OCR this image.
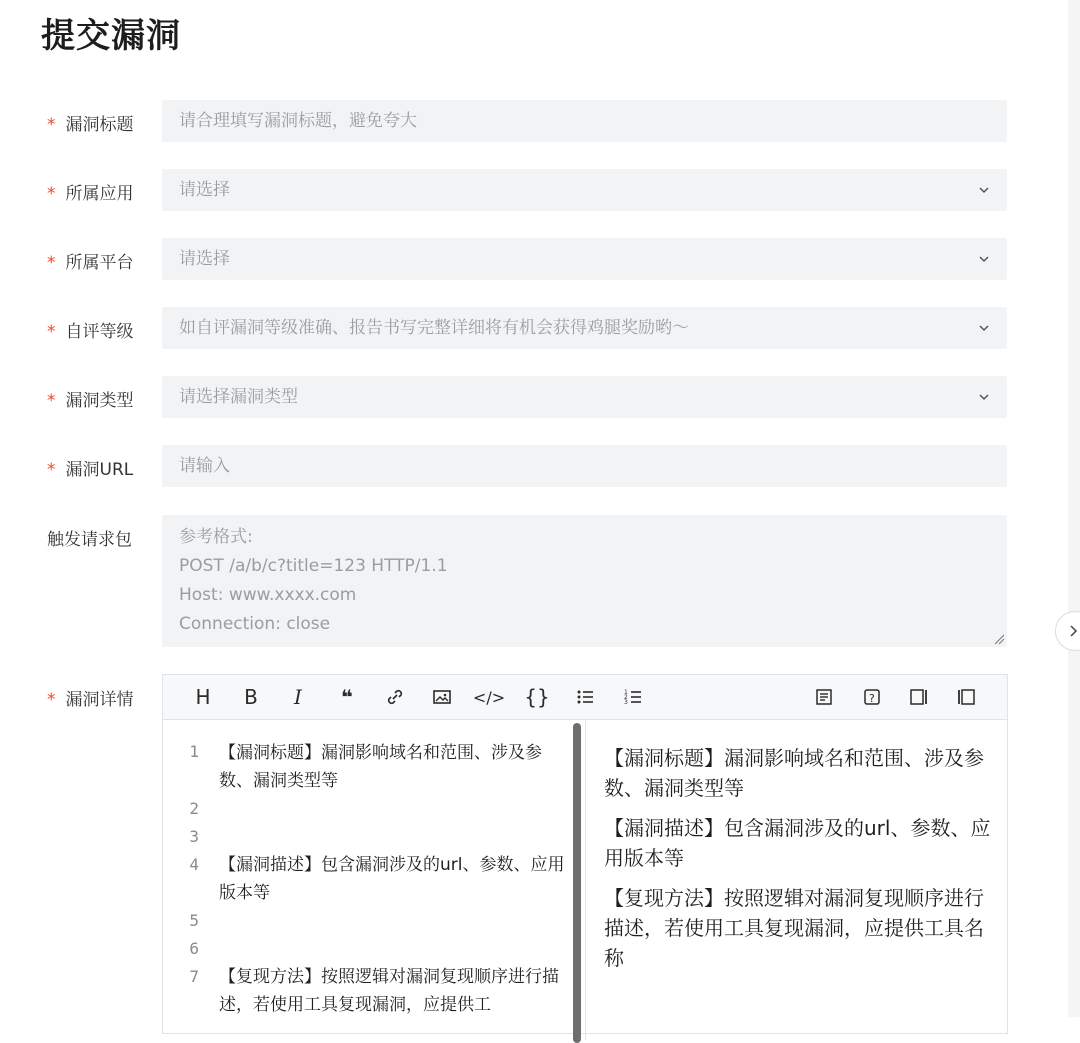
提交漏洞
* 漏洞标题	请合理填写漏洞标题，避免夸大
* 所属应用	请选择
* 所属平台	请选择
* 自评等级	如自评漏洞等级准确、报告书写完整详细将有机会获得鸡腿奖励哟～
* 漏洞类型	请选择漏洞类型
* 漏洞URL	请输入
触发请求包	参考格式:
POST /a/b/c?title=123 HTTP/1.1
Host: www.xxxx.com
Connection: close
* 漏洞详情	H B I ❝	</> {}	1
2
3	?
1
2
3
4
5
6
7
【漏洞标题】漏洞影响域名和范围、涉及参数、漏洞类型等
【漏洞描述】包含漏洞涉及的url、参数、应用版本等
【复现方法】按照逻辑对漏洞复现顺序进行描述，若使用工具复现漏洞，应提供工

【漏洞标题】漏洞影响域名和范围、涉及参数、漏洞类型等

【漏洞描述】包含漏洞涉及的url、参数、应用版本等

【复现方法】按照逻辑对漏洞复现顺序进行描述，若使用工具复现漏洞，应提供工具名称
